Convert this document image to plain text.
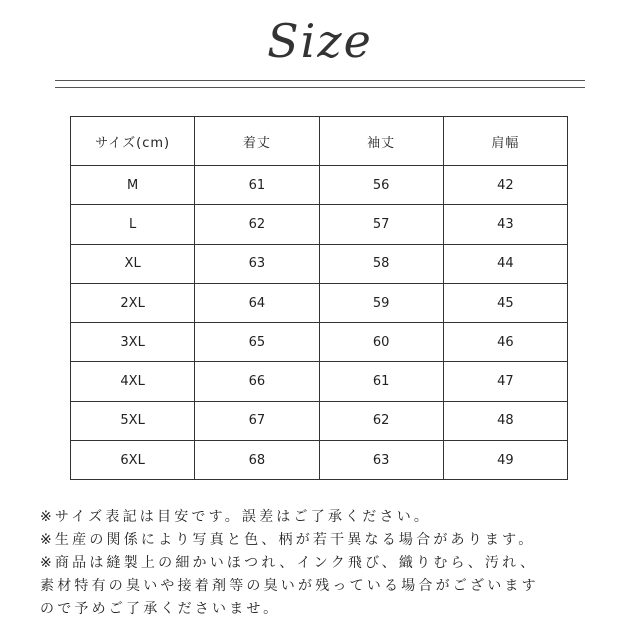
Size
サイズ(cm)	着丈	袖丈	肩幅
M	61	56	42
L	62	57	43
XL	63	58	44
2XL	64	59	45
3XL	65	60	46
4XL	66	61	47
5XL	67	62	48
6XL	68	63	49
※サイズ表記は目安です。誤差はご了承ください。
※生産の関係により写真と色、柄が若干異なる場合があります。
※商品は縫製上の細かいほつれ、インク飛び、織りむら、汚れ、
素材特有の臭いや接着剤等の臭いが残っている場合がございます
ので予めご了承くださいませ。
